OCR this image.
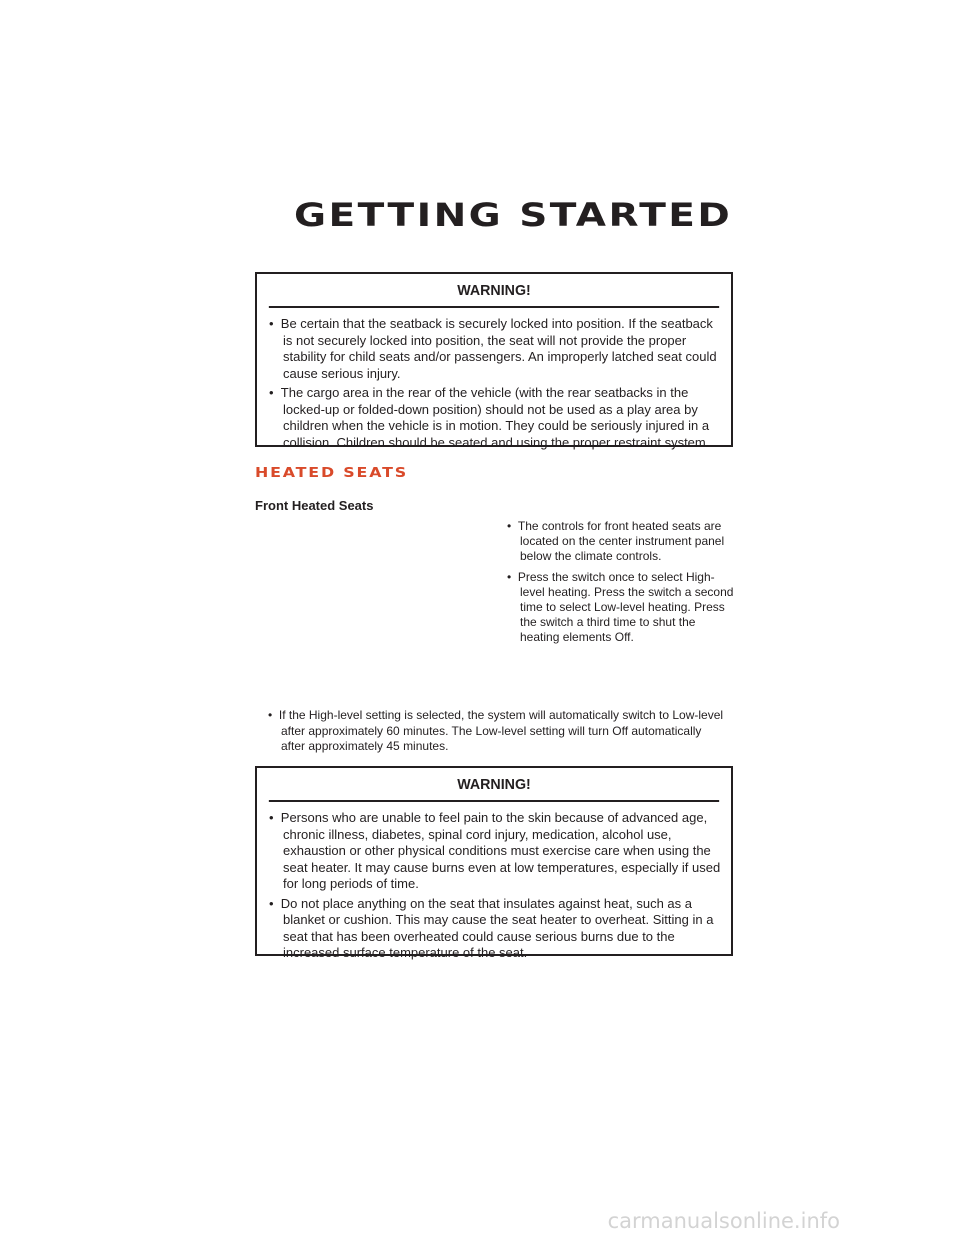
GETTING STARTED
WARNING!
•  Be certain that the seatback is securely locked into position. If the seatback is not securely locked into position, the seat will not provide the proper stability for child seats and/or passengers. An improperly latched seat could cause serious injury.
•  The cargo area in the rear of the vehicle (with the rear seatbacks in the locked-up or folded-down position) should not be used as a play area by children when the vehicle is in motion. They could be seriously injured in a collision. Children should be seated and using the proper restraint system.
HEATED SEATS
Front Heated Seats
•  The controls for front heated seats are located on the center instrument panel below the climate controls.
•  Press the switch once to select High-level heating. Press the switch a second time to select Low-level heating. Press the switch a third time to shut the heating elements Off.
•  If the High-level setting is selected, the system will automatically switch to Low-level after approximately 60 minutes. The Low-level setting will turn Off automatically after approximately 45 minutes.
WARNING!
•  Persons who are unable to feel pain to the skin because of advanced age, chronic illness, diabetes, spinal cord injury, medication, alcohol use, exhaustion or other physical conditions must exercise care when using the seat heater. It may cause burns even at low temperatures, especially if used for long periods of time.
•  Do not place anything on the seat that insulates against heat, such as a blanket or cushion. This may cause the seat heater to overheat. Sitting in a seat that has been overheated could cause serious burns due to the increased surface temperature of the seat.
carmanualsonline.info
